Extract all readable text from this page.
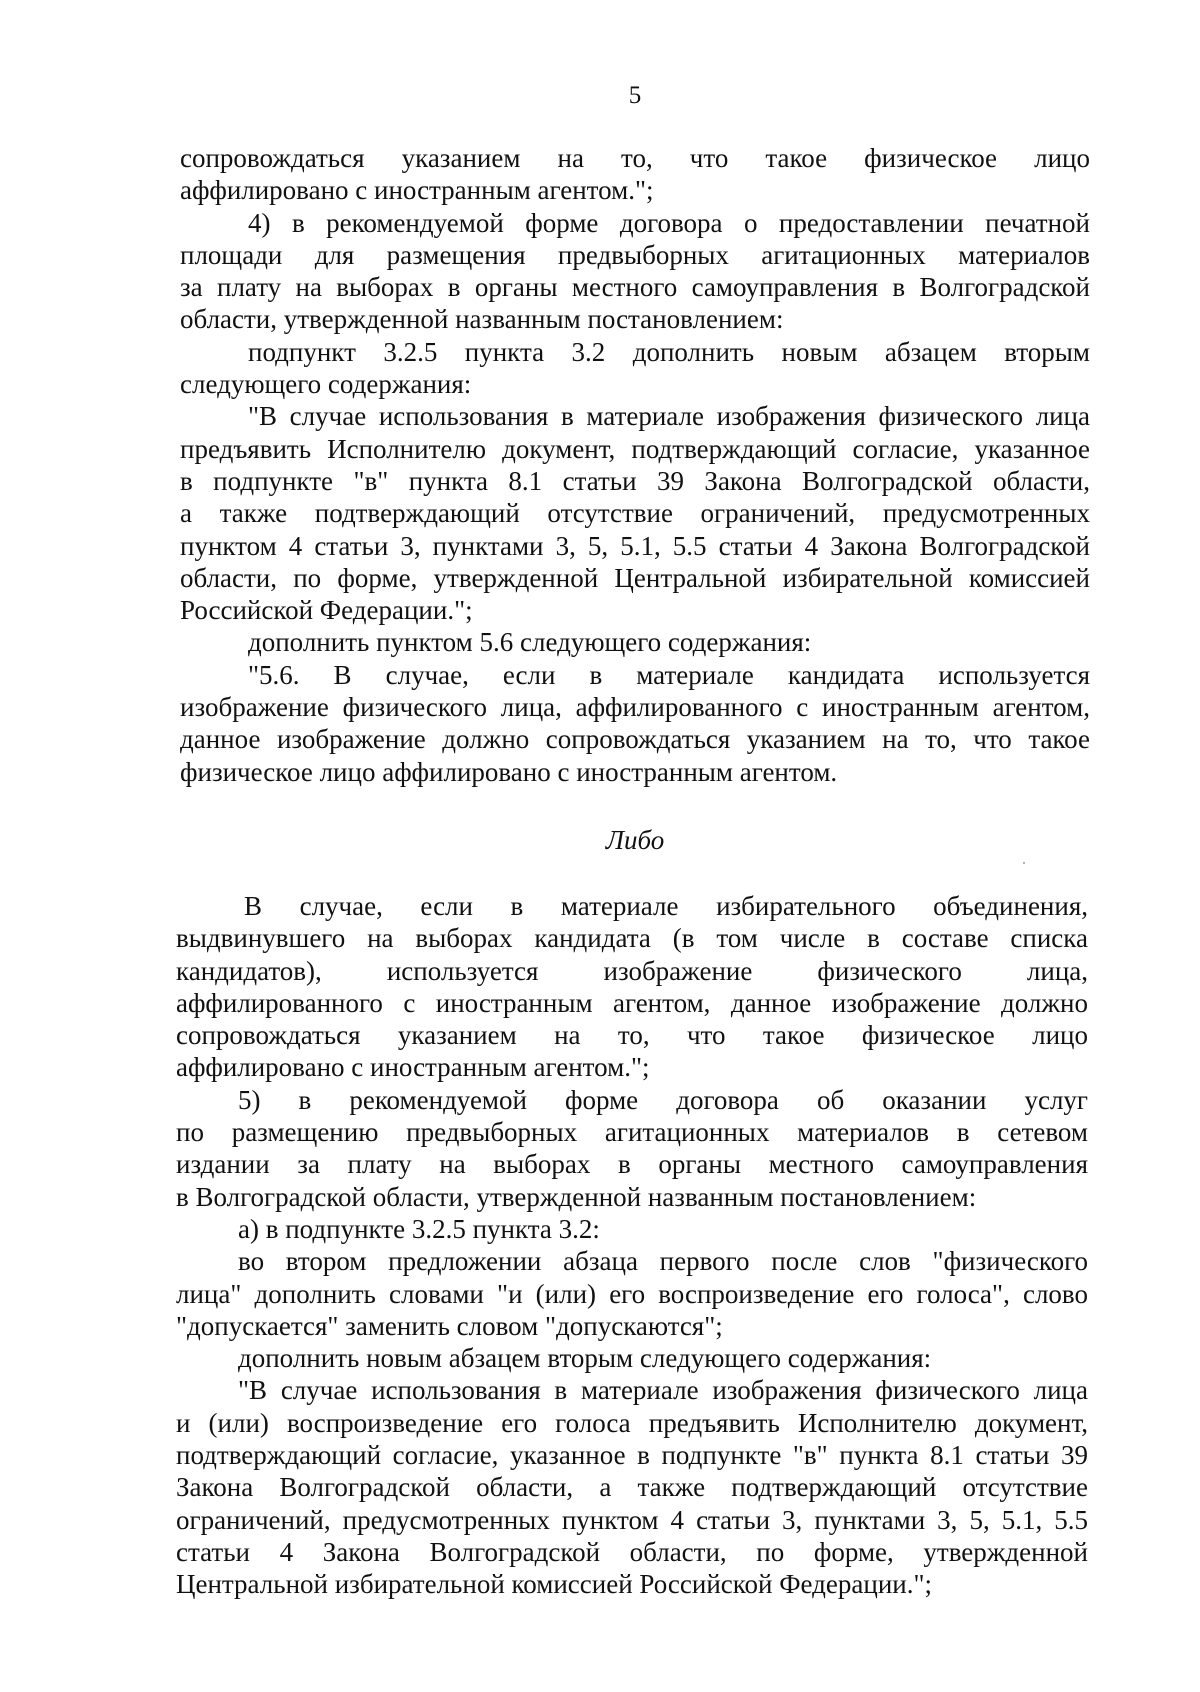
5
сопровождаться указанием на то, что такое физическое лицо
аффилировано с иностранным агентом.";
4) в рекомендуемой форме договора о предоставлении печатной
площади для размещения предвыборных агитационных материалов
за плату на выборах в органы местного самоуправления в Волгоградской
области, утвержденной названным постановлением:
подпункт 3.2.5 пункта 3.2 дополнить новым абзацем вторым
следующего содержания:
"В случае использования в материале изображения физического лица
предъявить Исполнителю документ, подтверждающий согласие, указанное
в подпункте "в" пункта 8.1 статьи 39 Закона Волгоградской области,
а также подтверждающий отсутствие ограничений, предусмотренных
пунктом 4 статьи 3, пунктами 3, 5, 5.1, 5.5 статьи 4 Закона Волгоградской
области, по форме, утвержденной Центральной избирательной комиссией
Российской Федерации.";
дополнить пунктом 5.6 следующего содержания:
"5.6. В случае, если в материале кандидата используется
изображение физического лица, аффилированного с иностранным агентом,
данное изображение должно сопровождаться указанием на то, что такое
физическое лицо аффилировано с иностранным агентом.
Либо
В случае, если в материале избирательного объединения,
выдвинувшего на выборах кандидата (в том числе в составе списка
кандидатов), используется изображение физического лица,
аффилированного с иностранным агентом, данное изображение должно
сопровождаться указанием на то, что такое физическое лицо
аффилировано с иностранным агентом.";
5) в рекомендуемой форме договора об оказании услуг
по размещению предвыборных агитационных материалов в сетевом
издании за плату на выборах в органы местного самоуправления
в Волгоградской области, утвержденной названным постановлением:
а) в подпункте 3.2.5 пункта 3.2:
во втором предложении абзаца первого после слов "физического
лица" дополнить словами "и (или) его воспроизведение его голоса", слово
"допускается" заменить словом "допускаются";
дополнить новым абзацем вторым следующего содержания:
"В случае использования в материале изображения физического лица
и (или) воспроизведение его голоса предъявить Исполнителю документ,
подтверждающий согласие, указанное в подпункте "в" пункта 8.1 статьи 39
Закона Волгоградской области, а также подтверждающий отсутствие
ограничений, предусмотренных пунктом 4 статьи 3, пунктами 3, 5, 5.1, 5.5
статьи 4 Закона Волгоградской области, по форме, утвержденной
Центральной избирательной комиссией Российской Федерации.";
